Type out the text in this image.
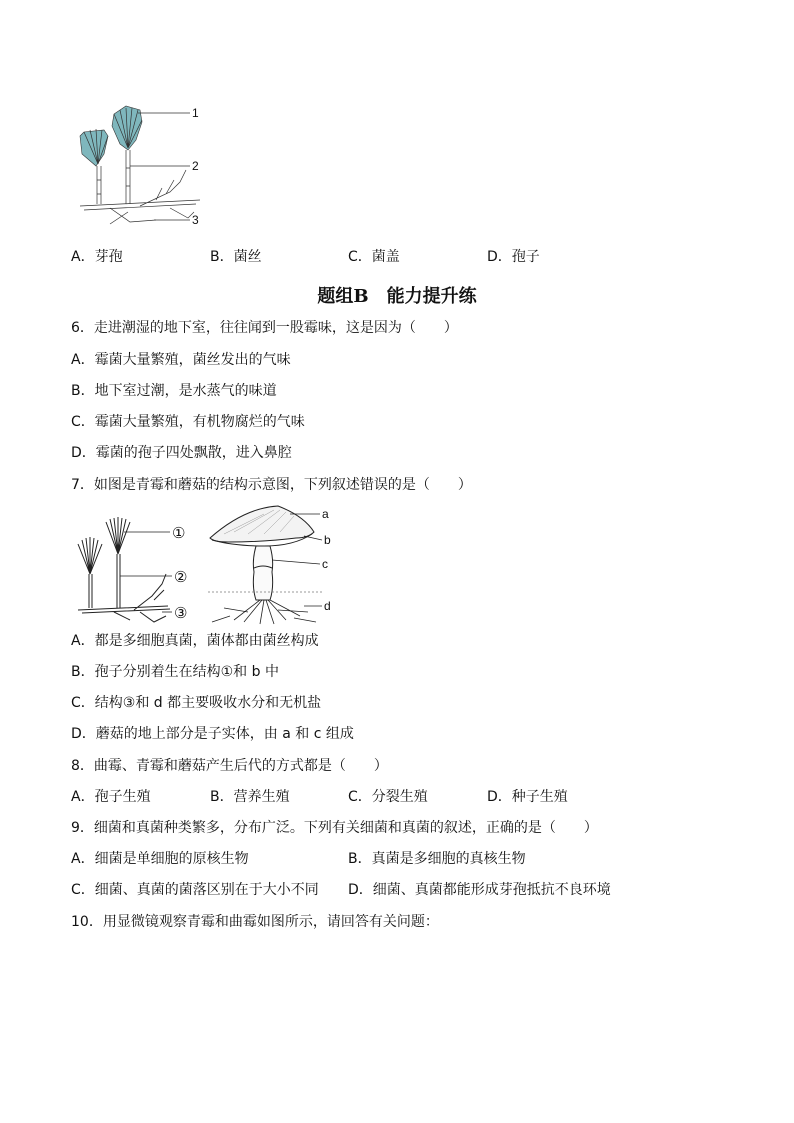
1
2
3
A．芽孢	B．菌丝	C．菌盖	D．孢子
题组B　能力提升练
6．走进潮湿的地下室，往往闻到一股霉味，这是因为（　　）
A．霉菌大量繁殖，菌丝发出的气味
B．地下室过潮，是水蒸气的味道
C．霉菌大量繁殖，有机物腐烂的气味
D．霉菌的孢子四处飘散，进入鼻腔
7．如图是青霉和蘑菇的结构示意图，下列叙述错误的是（　　）
①
②
③
a
b
c
d
A．都是多细胞真菌，菌体都由菌丝构成
B．孢子分别着生在结构①和 b 中
C．结构③和 d 都主要吸收水分和无机盐
D．蘑菇的地上部分是子实体，由 a 和 c 组成
8．曲霉、青霉和蘑菇产生后代的方式都是（　　）
A．孢子生殖	B．营养生殖	C．分裂生殖	D．种子生殖
9．细菌和真菌种类繁多，分布广泛。下列有关细菌和真菌的叙述，正确的是（　　）
A．细菌是单细胞的原核生物	B．真菌是多细胞的真核生物
C．细菌、真菌的菌落区别在于大小不同 D．细菌、真菌都能形成芽孢抵抗不良环境
10．用显微镜观察青霉和曲霉如图所示，请回答有关问题：
